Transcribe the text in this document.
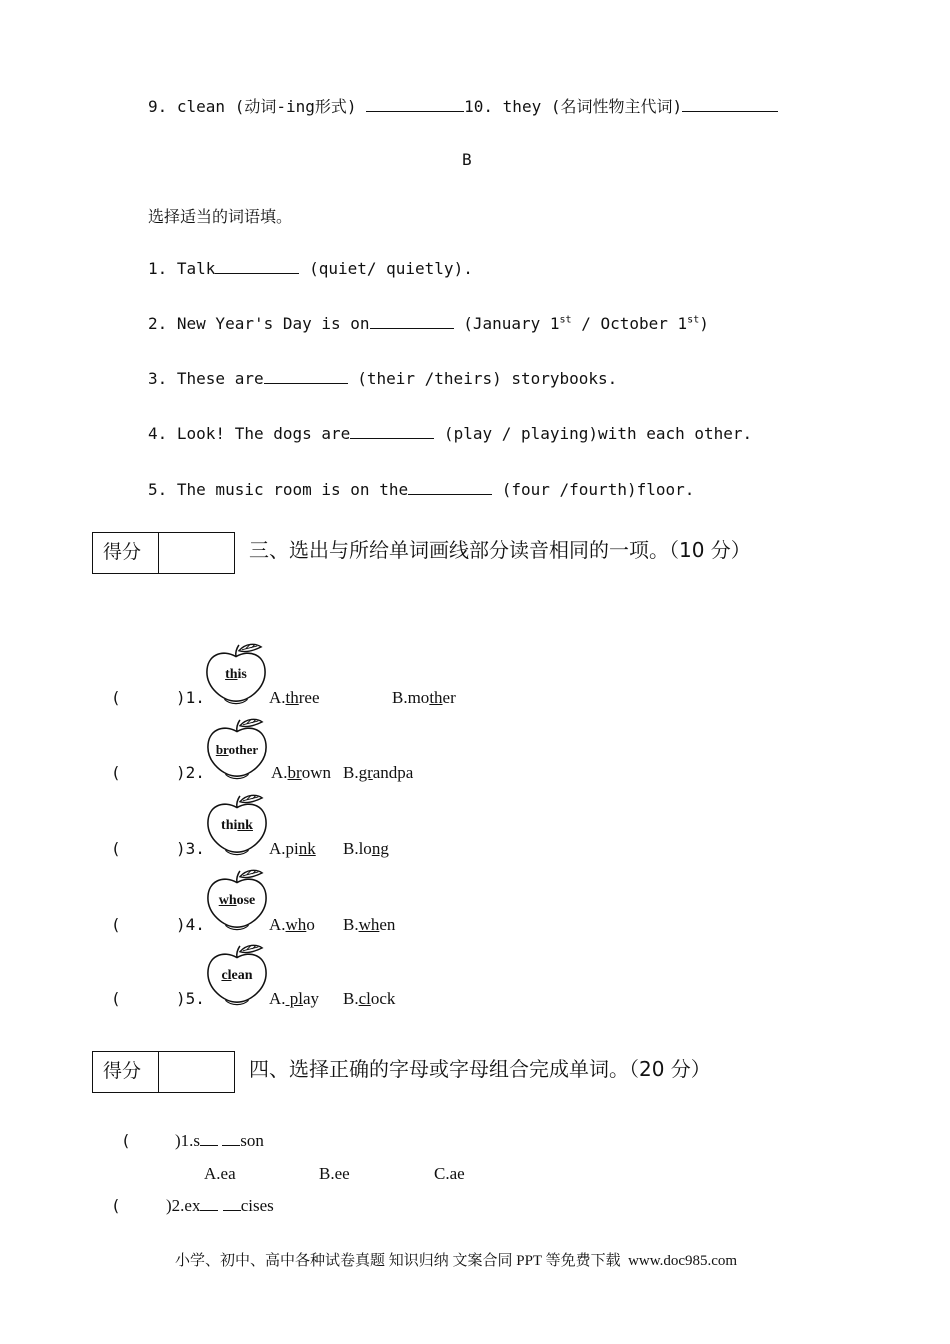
9. clean (动词-ing形式)	10. they (名词性物主代词)
B
选择适当的词语填。
1. Talk	(quiet/ quietly).
2. New Year's Day is on	(January 1st / October 1st)
3. These are	(their /theirs) storybooks.
4. Look! The dogs are	(play / playing)with each other.
5. The music room is on the	(four /fourth)floor.
得分	三、选出与所给单词画线部分读音相同的一项。（10 分）
(	)1.
this
A.three	B.mother
(	)2.
brother
A.brown B.grandpa
(	)3.
think
A.pink B.long
(	)4.
whose
A.who B.when
(	)5.
clean
A. play B.clock
得分	四、选择正确的字母或字母组合完成单词。（20 分）
(	)1.s son
A.ea	B.ee	C.ae
(	)2.ex cises
小学、初中、高中各种试卷真题 知识归纳 文案合同 PPT 等免费下载 www.doc985.com
